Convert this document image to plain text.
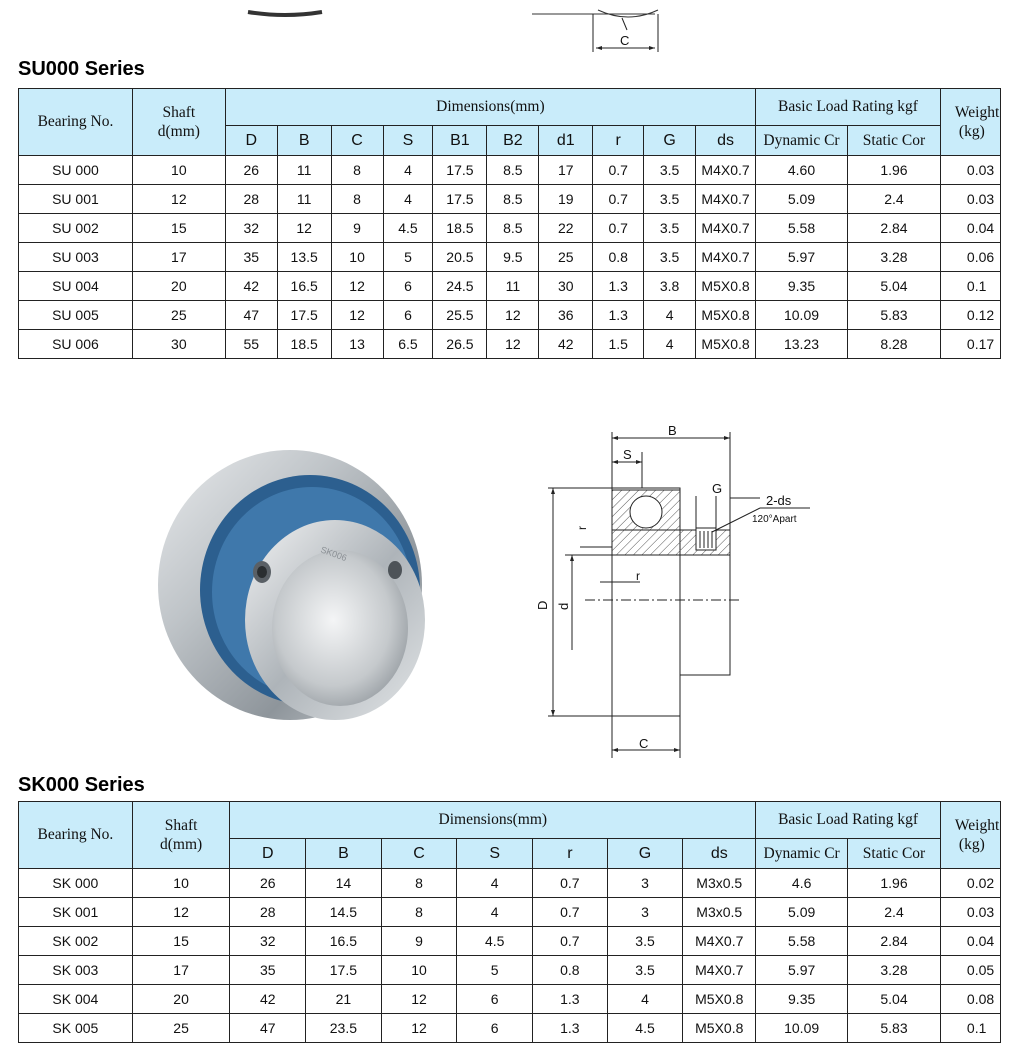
C
SU000 Series
Bearing No.	Shaft
d(mm)	Dimensions(mm)										Basic Load Rating kgf		Weight
(kg)
		D	B	C	S	B1	B2	d1	r	G	ds	Dynamic Cr	Static Cor	
SU 000	10	26	11	8	4	17.5	8.5	17	0.7	3.5	M4X0.7	4.60	1.96	0.03
SU 001	12	28	11	8	4	17.5	8.5	19	0.7	3.5	M4X0.7	5.09	2.4	0.03
SU 002	15	32	12	9	4.5	18.5	8.5	22	0.7	3.5	M4X0.7	5.58	2.84	0.04
SU 003	17	35	13.5	10	5	20.5	9.5	25	0.8	3.5	M4X0.7	5.97	3.28	0.06
SU 004	20	42	16.5	12	6	24.5	11	30	1.3	3.8	M5X0.8	9.35	5.04	0.1
SU 005	25	47	17.5	12	6	25.5	12	36	1.3	4	M5X0.8	10.09	5.83	0.12
SU 006	30	55	18.5	13	6.5	26.5	12	42	1.5	4	M5X0.8	13.23	8.28	0.17
SK006
B
S
G
2-ds
120°Apart
r
r
D d
C
SK000 Series
Bearing No.	Shaft
d(mm)	Dimensions(mm)							Basic Load Rating kgf		Weight
(kg)
		D	B	C	S	r	G	ds	Dynamic Cr	Static Cor	
SK 000	10	26	14	8	4	0.7	3	M3x0.5	4.6	1.96	0.02
SK 001	12	28	14.5	8	4	0.7	3	M3x0.5	5.09	2.4	0.03
SK 002	15	32	16.5	9	4.5	0.7	3.5	M4X0.7	5.58	2.84	0.04
SK 003	17	35	17.5	10	5	0.8	3.5	M4X0.7	5.97	3.28	0.05
SK 004	20	42	21	12	6	1.3	4	M5X0.8	9.35	5.04	0.08
SK 005	25	47	23.5	12	6	1.3	4.5	M5X0.8	10.09	5.83	0.1
